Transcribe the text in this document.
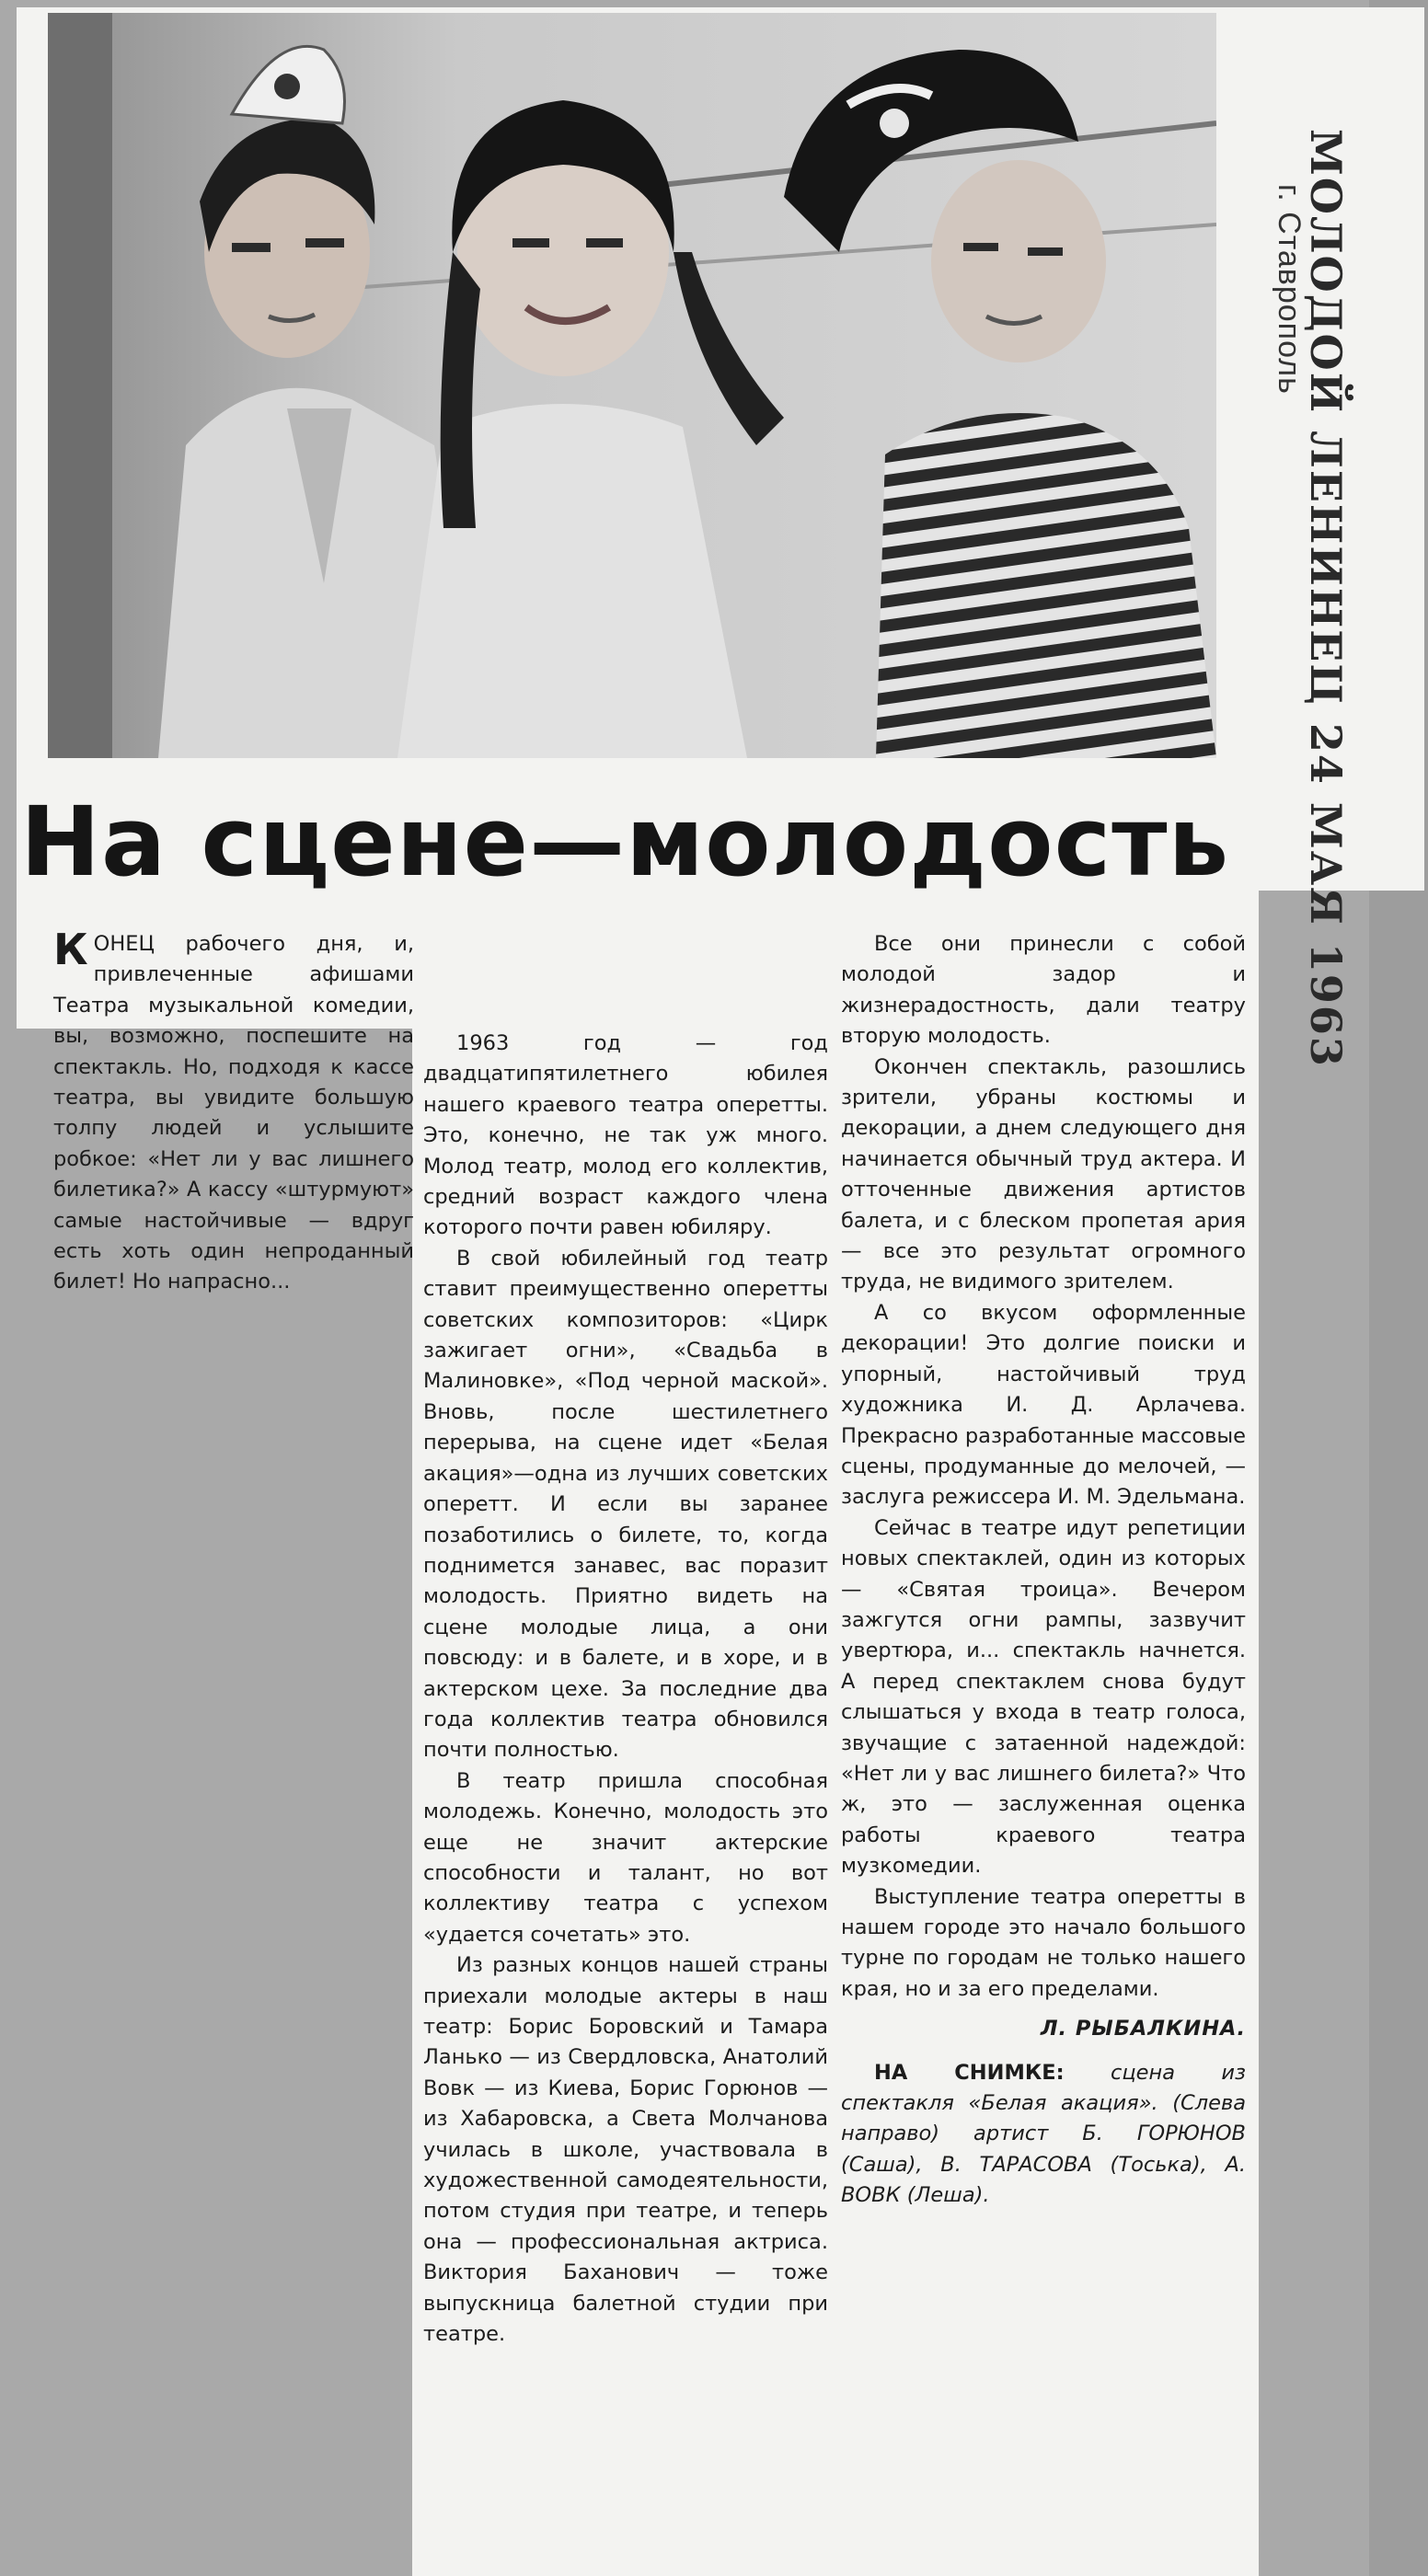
МОЛОДОЙ ЛЕНИНЕЦ 24 МАЯ 1963
г. Ставрополь
На сцене—молодость

КОНЕЦ рабочего дня, и, привлеченные афишами Театра музыкальной комедии, вы, возможно, поспешите на спектакль. Но, подходя к кассе театра, вы увидите большую толпу людей и услышите робкое: «Нет ли у вас лишнего билетика?» А кассу «штурмуют» самые настойчивые — вдруг есть хоть один непроданный билет! Но напрасно...

1963 год — год двадцатипятилетнего юбилея нашего краевого театра оперетты. Это, конечно, не так уж много. Молод театр, молод его коллектив, средний возраст каждого члена которого почти равен юбиляру.

В свой юбилейный год театр ставит преимущественно оперетты советских композиторов: «Цирк зажигает огни», «Свадьба в Малиновке», «Под черной маской». Вновь, после шестилетнего перерыва, на сцене идет «Белая акация»—одна из лучших советских оперетт. И если вы заранее позаботились о билете, то, когда поднимется занавес, вас поразит молодость. Приятно видеть на сцене молодые лица, а они повсюду: и в балете, и в хоре, и в актерском цехе. За последние два года коллектив театра обновился почти полностью.

В театр пришла способная молодежь. Конечно, молодость это еще не значит актерские способности и талант, но вот коллективу театра с успехом «удается сочетать» это.

Из разных концов нашей страны приехали молодые актеры в наш театр: Борис Боровский и Тамара Ланько — из Свердловска, Анатолий Вовк — из Киева, Борис Горюнов — из Хабаровска, а Света Молчанова училась в школе, участвовала в художественной самодеятельности, потом студия при театре, и теперь она — профессиональная актриса. Виктория Баханович — тоже выпускница балетной студии при театре.

Все они принесли с собой молодой задор и жизнерадостность, дали театру вторую молодость.

Окончен спектакль, разошлись зрители, убраны костюмы и декорации, а днем следующего дня начинается обычный труд актера. И отточенные движения артистов балета, и с блеском пропетая ария — все это результат огромного труда, не видимого зрителем.

А со вкусом оформленные декорации! Это долгие поиски и упорный, настойчивый труд художника И. Д. Арлачева. Прекрасно разработанные массовые сцены, продуманные до мелочей, — заслуга режиссера И. М. Эдельмана.

Сейчас в театре идут репетиции новых спектаклей, один из которых — «Святая троица». Вечером зажгутся огни рампы, зазвучит увертюра, и... спектакль начнется. А перед спектаклем снова будут слышаться у входа в театр голоса, звучащие с затаенной надеждой: «Нет ли у вас лишнего билета?» Что ж, это — заслуженная оценка работы краевого театра музкомедии.

Выступление театра оперетты в нашем городе это начало большого турне по городам не только нашего края, но и за его пределами.

Л. РЫБАЛКИНА.

НА СНИМКЕ: сцена из спектакля «Белая акация». (Слева направо) артист Б. ГОРЮНОВ (Саша), В. ТАРАСОВА (Тоська), А. ВОВК (Леша).
